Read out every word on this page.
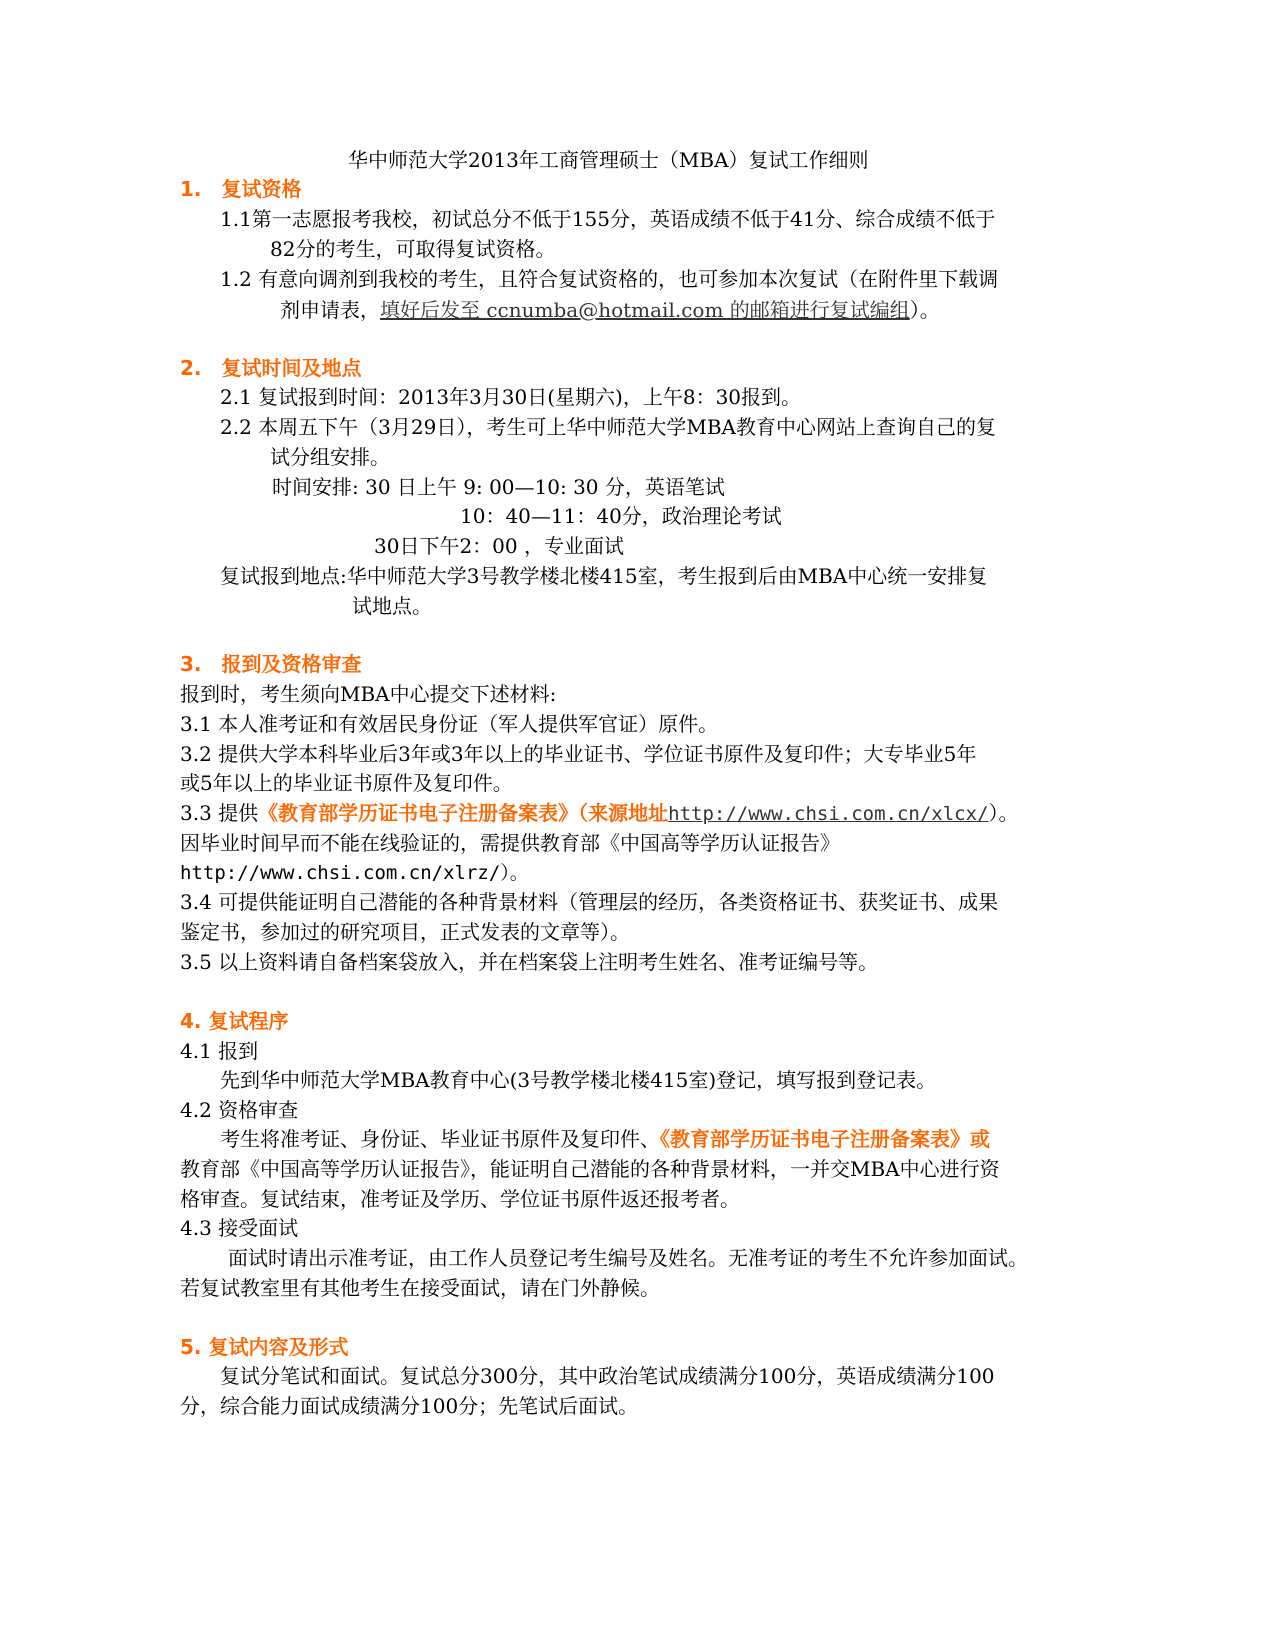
华中师范大学2013年工商管理硕士（MBA）复试工作细则
1.　复试资格
1.1第一志愿报考我校，初试总分不低于155分，英语成绩不低于41分、综合成绩不低于
82分的考生，可取得复试资格。
1.2 有意向调剂到我校的考生，且符合复试资格的，也可参加本次复试（在附件里下载调
剂申请表，填好后发至 ccnumba@hotmail.com 的邮箱进行复试编组）。
2.　复试时间及地点
2.1 复试报到时间：2013年3月30日(星期六)，上午8：30报到。
2.2 本周五下午（3月29日），考生可上华中师范大学MBA教育中心网站上查询自己的复
试分组安排。
时间安排: 30 日上午 9: 00—10: 30 分，英语笔试
10：40—11：40分，政治理论考试
30日下午2：00 ，专业面试
复试报到地点:华中师范大学3号教学楼北楼415室，考生报到后由MBA中心统一安排复
试地点。
3.　报到及资格审查
报到时，考生须向MBA中心提交下述材料:
3.1 本人准考证和有效居民身份证（军人提供军官证）原件。
3.2 提供大学本科毕业后3年或3年以上的毕业证书、学位证书原件及复印件；大专毕业5年
或5年以上的毕业证书原件及复印件。
3.3 提供《教育部学历证书电子注册备案表》（来源地址http://www.chsi.com.cn/xlcx/）。
因毕业时间早而不能在线验证的，需提供教育部《中国高等学历认证报告》
http://www.chsi.com.cn/xlrz/）。
3.4 可提供能证明自己潜能的各种背景材料（管理层的经历，各类资格证书、获奖证书、成果
鉴定书，参加过的研究项目，正式发表的文章等）。
3.5 以上资料请自备档案袋放入，并在档案袋上注明考生姓名、准考证编号等。
4. 复试程序
4.1 报到
先到华中师范大学MBA教育中心(3号教学楼北楼415室)登记，填写报到登记表。
4.2 资格审查
考生将准考证、身份证、毕业证书原件及复印件、《教育部学历证书电子注册备案表》或
教育部《中国高等学历认证报告》，能证明自己潜能的各种背景材料，一并交MBA中心进行资
格审查。复试结束，准考证及学历、学位证书原件返还报考者。
4.3 接受面试
面试时请出示准考证，由工作人员登记考生编号及姓名。无准考证的考生不允许参加面试。
若复试教室里有其他考生在接受面试，请在门外静候。
5. 复试内容及形式
复试分笔试和面试。复试总分300分，其中政治笔试成绩满分100分，英语成绩满分100
分，综合能力面试成绩满分100分；先笔试后面试。
